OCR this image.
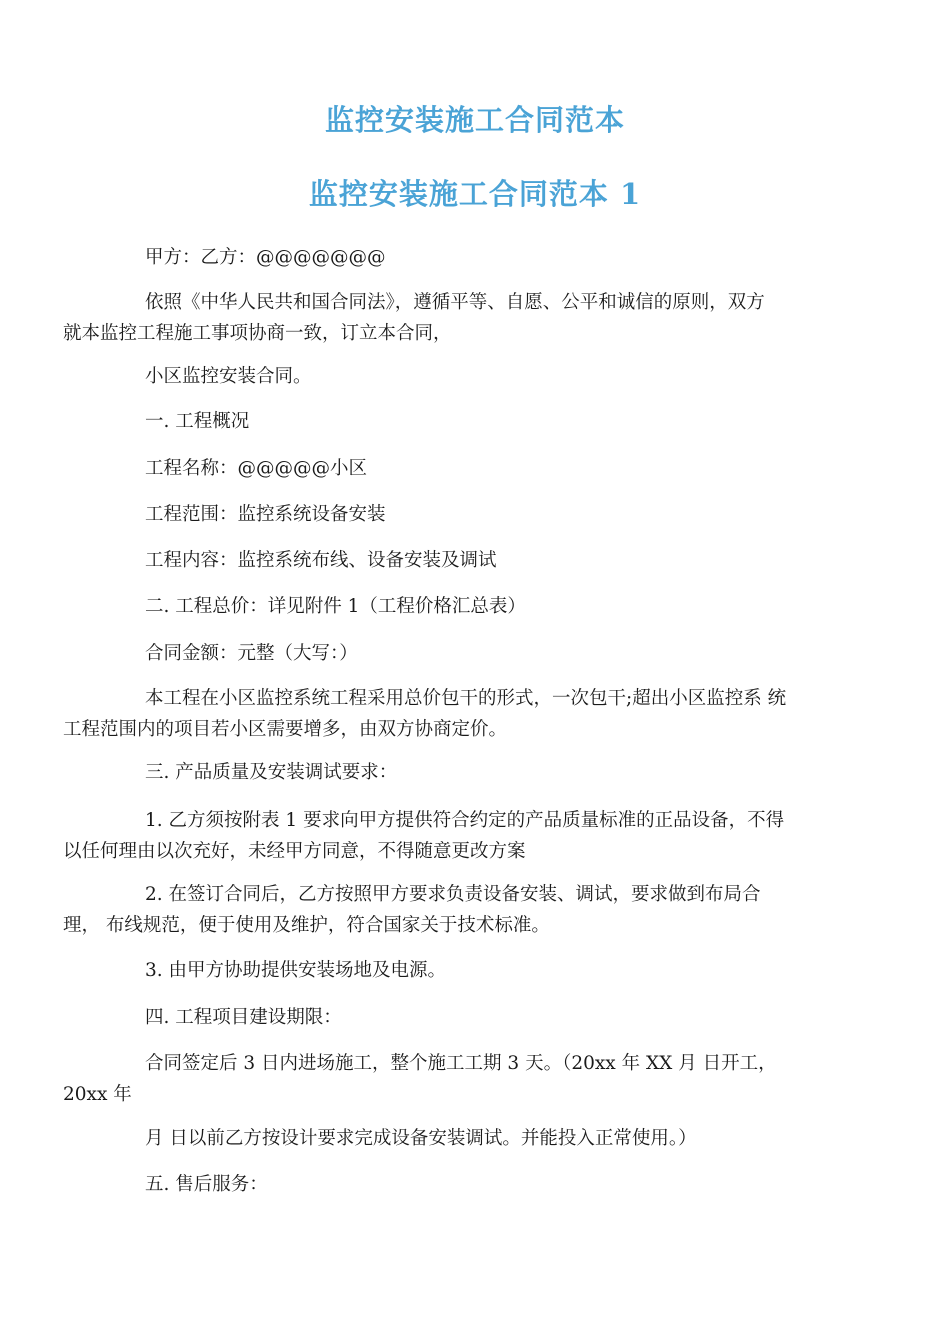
监控安装施工合同范本
监控安装施工合同范本 1

甲方：乙方：@@@@@@@

依照《中华人民共和国合同法》，遵循平等、自愿、公平和诚信的原则，双方
就本监控工程施工事项协商一致，订立本合同，

小区监控安装合同。

一. 工程概况

工程名称：@@@@@小区

工程范围：监控系统设备安装

工程内容：监控系统布线、设备安装及调试

二. 工程总价：详见附件 1（工程价格汇总表）

合同金额：元整（大写：）

本工程在小区监控系统工程采用总价包干的形式，一次包干;超出小区监控系 统
工程范围内的项目若小区需要增多，由双方协商定价。

三. 产品质量及安装调试要求：

1. 乙方须按附表 1 要求向甲方提供符合约定的产品质量标准的正品设备，不得
以任何理由以次充好，未经甲方同意，不得随意更改方案

2. 在签订合同后，乙方按照甲方要求负责设备安装、调试，要求做到布局合
理， 布线规范，便于使用及维护，符合国家关于技术标准。

3. 由甲方协助提供安装场地及电源。

四. 工程项目建设期限：

合同签定后 3 日内进场施工，整个施工工期 3 天。（20xx 年 XX 月 日开工，
20xx 年

月 日以前乙方按设计要求完成设备安装调试。并能投入正常使用。）

五. 售后服务：
